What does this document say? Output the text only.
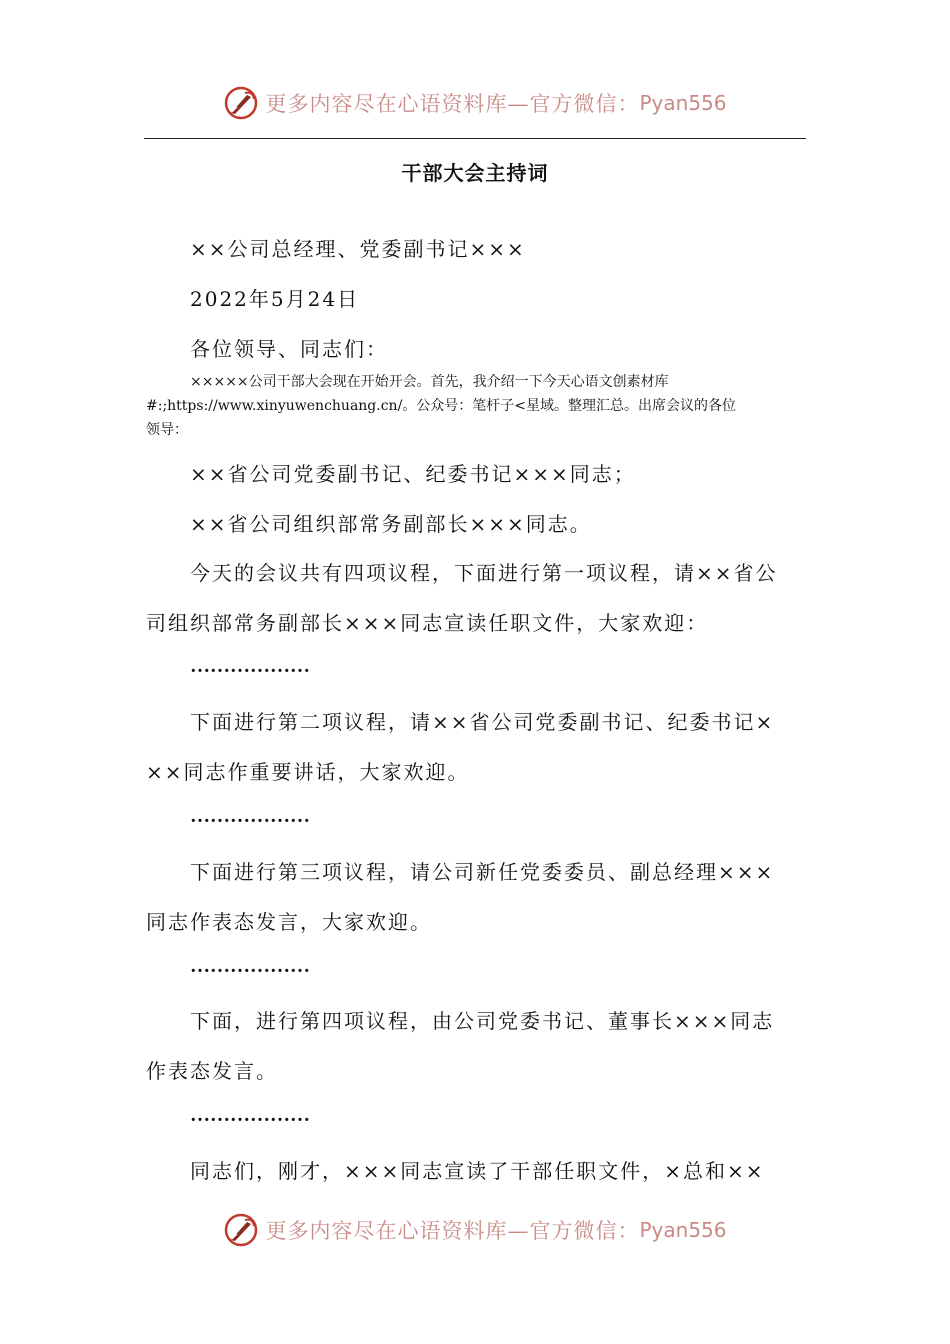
更多内容尽在心语资料库—官方微信： Pyan556
干部大会主持词
××公司总经理、党委副书记×××
2022年5月24日
各位领导、同志们：
×××××公司干部大会现在开始开会。首先，我介绍一下今天心语文创素材库
#:;https://www.xinyuwenchuang.cn/。公众号：笔杆子<星域。整理汇总。出席会议的各位
领导：
××省公司党委副书记、纪委书记×××同志；
××省公司组织部常务副部长×××同志。
今天的会议共有四项议程，下面进行第一项议程，请××省公
司组织部常务副部长×××同志宣读任职文件，大家欢迎：
………………
下面进行第二项议程，请××省公司党委副书记、纪委书记×
××同志作重要讲话，大家欢迎。
………………
下面进行第三项议程，请公司新任党委委员、副总经理×××
同志作表态发言，大家欢迎。
………………
下面，进行第四项议程，由公司党委书记、董事长×××同志
作表态发言。
………………
同志们，刚才，×××同志宣读了干部任职文件，×总和××
更多内容尽在心语资料库—官方微信： Pyan556
